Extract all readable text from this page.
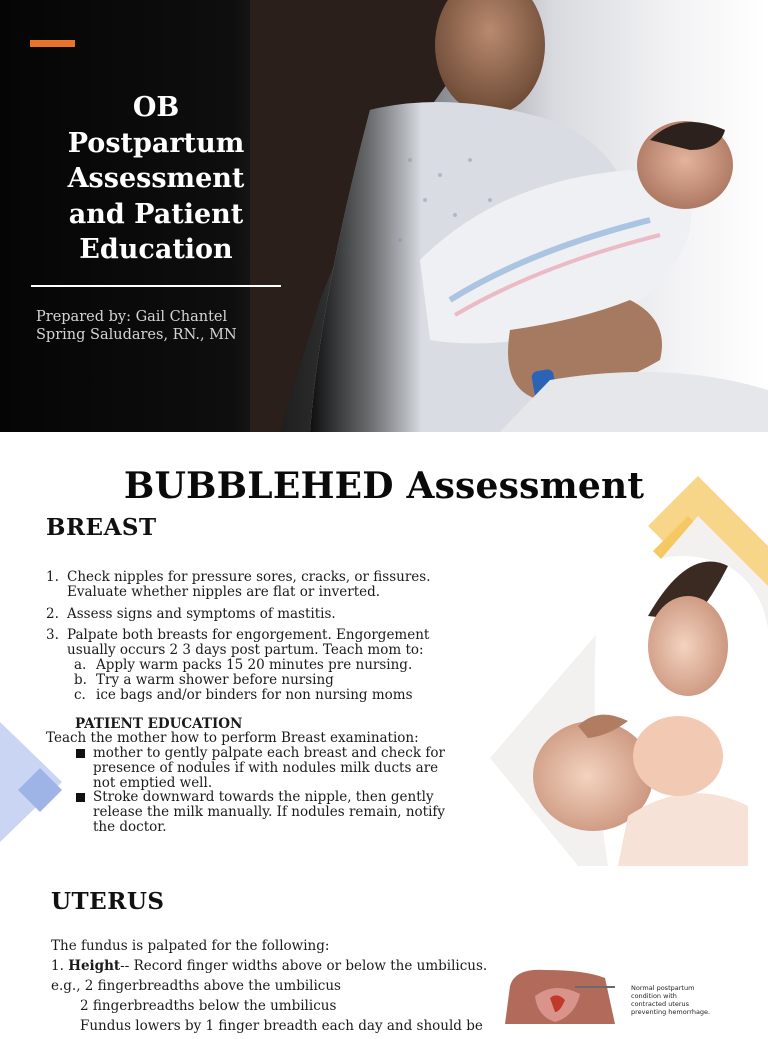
OB
Postpartum
Assessment
and Patient
Education
Prepared by: Gail Chantel
Spring Saludares, RN., MN
BUBBLEHED Assessment
BREAST
1. Check nipples for pressure sores, cracks, or fissures.
Evaluate whether nipples are flat or inverted.
2. Assess signs and symptoms of mastitis.
3. Palpate both breasts for engorgement. Engorgement
usually occurs 2 3 days post partum. Teach mom to:
a. Apply warm packs 15 20 minutes pre nursing.
b. Try a warm shower before nursing
c. ice bags and/or binders for non nursing moms
PATIENT EDUCATION
Teach the mother how to perform Breast examination:
mother to gently palpate each breast and check for
presence of nodules if with nodules milk ducts are
not emptied well.
Stroke downward towards the nipple, then gently
release the milk manually. If nodules remain, notify
the doctor.
UTERUS

The fundus is palpated for the following:

1. Height-- Record finger widths above or below the umbilicus.

e.g., 2 fingerbreadths above the umbilicus

2 fingerbreadths below the umbilicus

Fundus lowers by 1 finger breadth each day and should be

Normal postpartum
condition with
contracted uterus
preventing hemorrhage.
